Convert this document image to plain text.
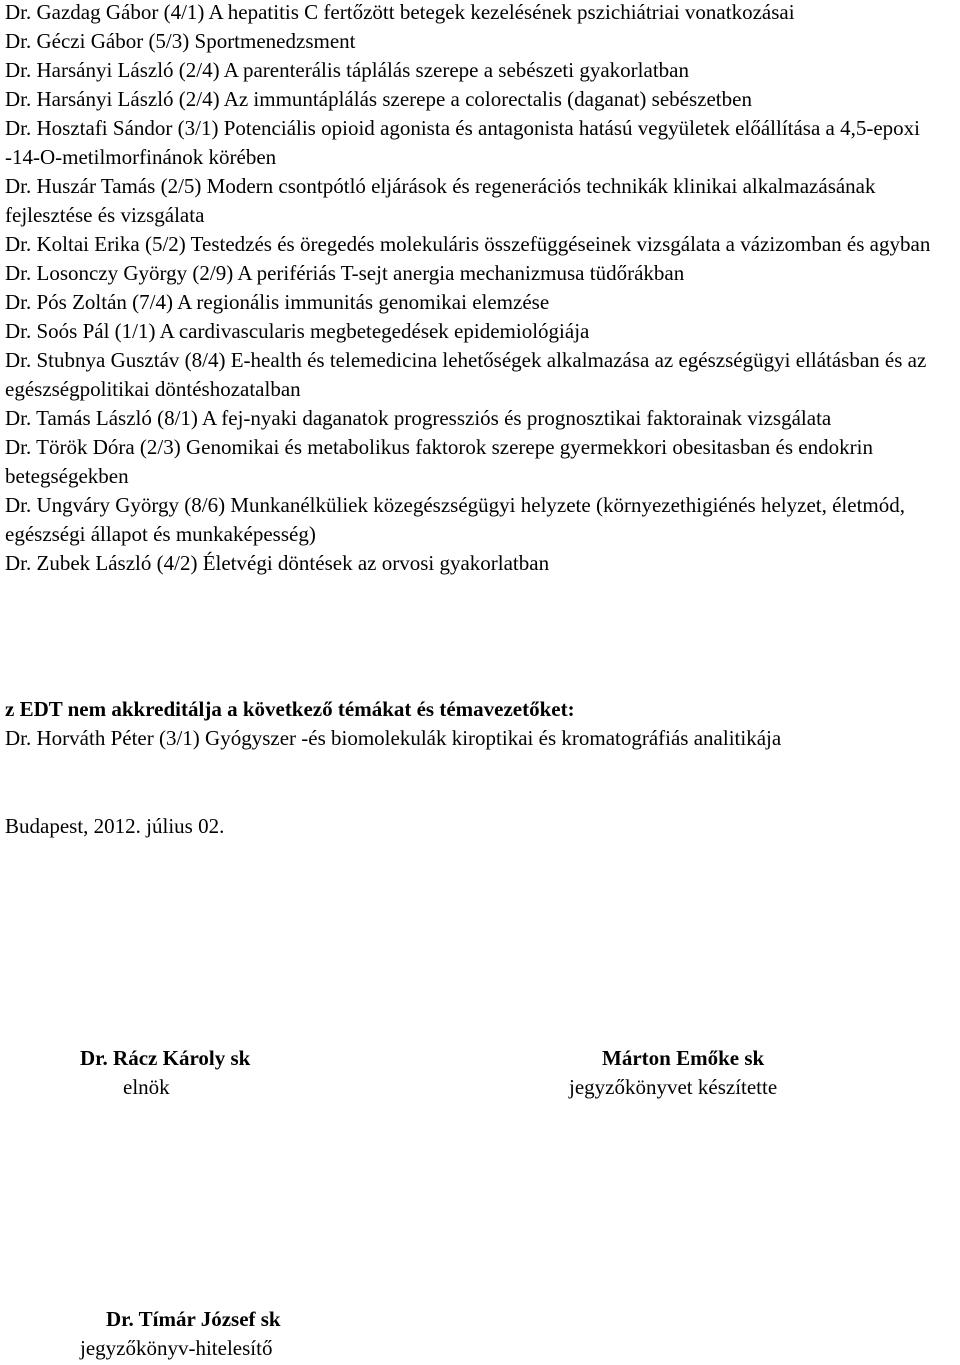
Dr. Gazdag Gábor (4/1) A hepatitis C fertőzött betegek kezelésének pszichiátriai vonatkozásai

Dr. Géczi Gábor (5/3) Sportmenedzsment

Dr. Harsányi László (2/4) A parenterális táplálás szerepe a sebészeti gyakorlatban

Dr. Harsányi László (2/4) Az immuntáplálás szerepe a colorectalis (daganat) sebészetben

Dr. Hosztafi Sándor (3/1) Potenciális opioid agonista és antagonista hatású vegyületek előállítása a 4,5-epoxi -14-O-metilmorfinánok körében

Dr. Huszár Tamás (2/5) Modern csontpótló eljárások és regenerációs technikák klinikai alkalmazásának fejlesztése és vizsgálata

Dr. Koltai Erika (5/2) Testedzés és öregedés molekuláris összefüggéseinek vizsgálata a vázizomban és agyban

Dr. Losonczy György (2/9) A perifériás T-sejt anergia mechanizmusa tüdőrákban

Dr. Pós Zoltán (7/4) A regionális immunitás genomikai elemzése

Dr. Soós Pál (1/1) A cardivascularis megbetegedések epidemiológiája

Dr. Stubnya Gusztáv (8/4) E-health és telemedicina lehetőségek alkalmazása az egészségügyi ellátásban és az egészségpolitikai döntéshozatalban

Dr. Tamás László (8/1) A fej-nyaki daganatok progressziós és prognosztikai faktorainak vizsgálata

Dr. Török Dóra (2/3) Genomikai és metabolikus faktorok szerepe gyermekkori obesitasban és endokrin betegségekben

Dr. Ungváry György (8/6) Munkanélküliek közegészségügyi helyzete (környezethigiénés helyzet, életmód, egészségi állapot és munkaképesség)

Dr. Zubek László (4/2) Életvégi döntések az orvosi gyakorlatban

z EDT nem akkreditálja a következő témákat és témavezetőket:

Dr. Horváth Péter (3/1) Gyógyszer -és biomolekulák kiroptikai és kromatográfiás analitikája

Budapest, 2012. július 02.

Dr. Rácz Károly sk
elnök
Márton Emőke sk
jegyzőkönyvet készítette
Dr. Tímár József sk
jegyzőkönyv-hitelesítő
